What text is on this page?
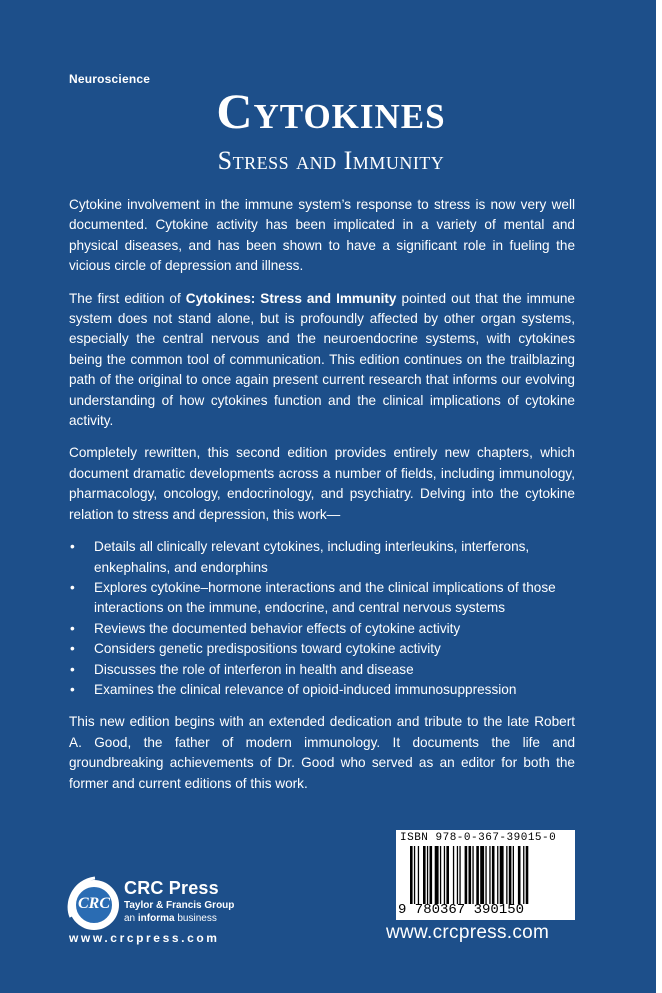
Neuroscience
Cytokines
Stress and Immunity

Cytokine involvement in the immune system’s response to stress is now very well documented. Cytokine activity has been implicated in a variety of mental and physical diseases, and has been shown to have a significant role in fueling the vicious circle of depression and illness.

The first edition of Cytokines: Stress and Immunity pointed out that the immune system does not stand alone, but is profoundly affected by other organ systems, especially the central nervous and the neuroendocrine systems, with cytokines being the common tool of communication. This edition continues on the trailblazing path of the original to once again present current research that informs our evolving understanding of how cytokines function and the clinical implications of cytokine activity.

Completely rewritten, this second edition provides entirely new chapters, which document dramatic developments across a number of fields, including immunology, pharmacology, oncology, endocrinology, and psychiatry. Delving into the cytokine relation to stress and depression, this work—

• Details all clinically relevant cytokines, including interleukins, interferons, enkephalins, and endorphins
• Explores cytokine–hormone interactions and the clinical implications of those interactions on the immune, endocrine, and central nervous systems
• Reviews the documented behavior effects of cytokine activity
• Considers genetic predispositions toward cytokine activity
• Discusses the role of interferon in health and disease
• Examines the clinical relevance of opioid-induced immunosuppression

This new edition begins with an extended dedication and tribute to the late Robert A. Good, the father of modern immunology. It documents the life and groundbreaking achievements of Dr. Good who served as an editor for both the former and current editions of this work.

CRC
CRC Press
Taylor & Francis Group
an informa business
www.crcpress.com
ISBN 978-0-367-39015-0
9 780367 390150
www.crcpress.com
